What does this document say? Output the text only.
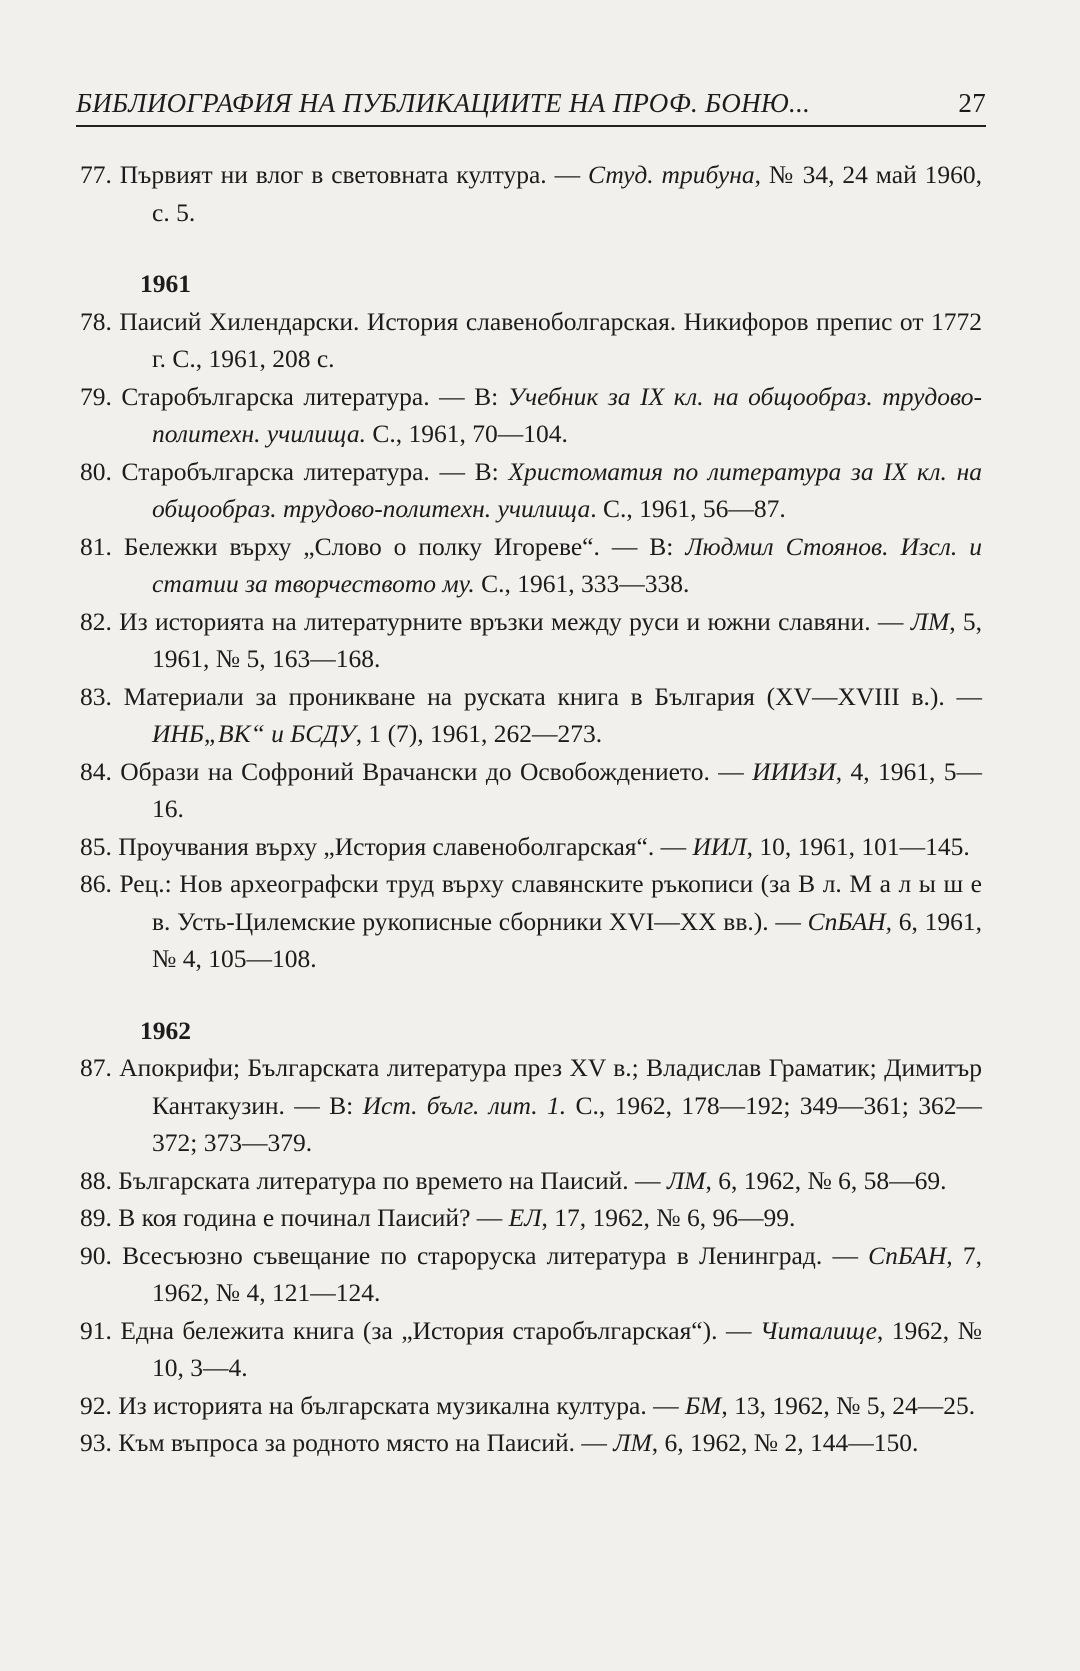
БИБЛИОГРАФИЯ НА ПУБЛИКАЦИИТЕ НА ПРОФ. БОНЮ...	27

77. Първият ни влог в световната култура. — Студ. трибуна, № 34, 24 май 1960, с. 5.

1961

78. Паисий Хилендарски. История славеноболгарская. Никифоров препис от 1772 г. С., 1961, 208 с.

79. Старобългарска литература. — В: Учебник за IX кл. на общообраз. трудово-политехн. училища. С., 1961, 70—104.

80. Старобългарска литература. — В: Христоматия по литература за IX кл. на общообраз. трудово-политехн. училища. С., 1961, 56—87.

81. Бележки върху „Слово о полку Игореве“. — В: Людмил Стоянов. Изсл. и статии за творчеството му. С., 1961, 333—338.

82. Из историята на литературните връзки между руси и южни славяни. — ЛМ, 5, 1961, № 5, 163—168.

83. Материали за проникване на руската книга в България (XV—XVIII в.). — ИНБ„ВК“ и БСДУ, 1 (7), 1961, 262—273.

84. Образи на Софроний Врачански до Освобождението. — ИИИзИ, 4, 1961, 5—16.

85. Проучвания върху „История славеноболгарская“. — ИИЛ, 10, 1961, 101—145.

86. Рец.: Нов археографски труд върху славянските ръкописи (за В л. М а л ы ш е в. Усть-Цилемские рукописные сборники XVI—XX вв.). — СпБАН, 6, 1961, № 4, 105—108.

1962

87. Апокрифи; Българската литература през XV в.; Владислав Граматик; Димитър Кантакузин. — В: Ист. бълг. лит. 1. С., 1962, 178—192; 349—361; 362—372; 373—379.

88. Българската литература по времето на Паисий. — ЛМ, 6, 1962, № 6, 58—69.

89. В коя година е починал Паисий? — ЕЛ, 17, 1962, № 6, 96—99.

90. Всесъюзно съвещание по староруска литература в Ленинград. — СпБАН, 7, 1962, № 4, 121—124.

91. Една бележита книга (за „История старобългарская“). — Читалище, 1962, № 10, 3—4.

92. Из историята на българската музикална култура. — БМ, 13, 1962, № 5, 24—25.

93. Към въпроса за родното място на Паисий. — ЛМ, 6, 1962, № 2, 144—150.
